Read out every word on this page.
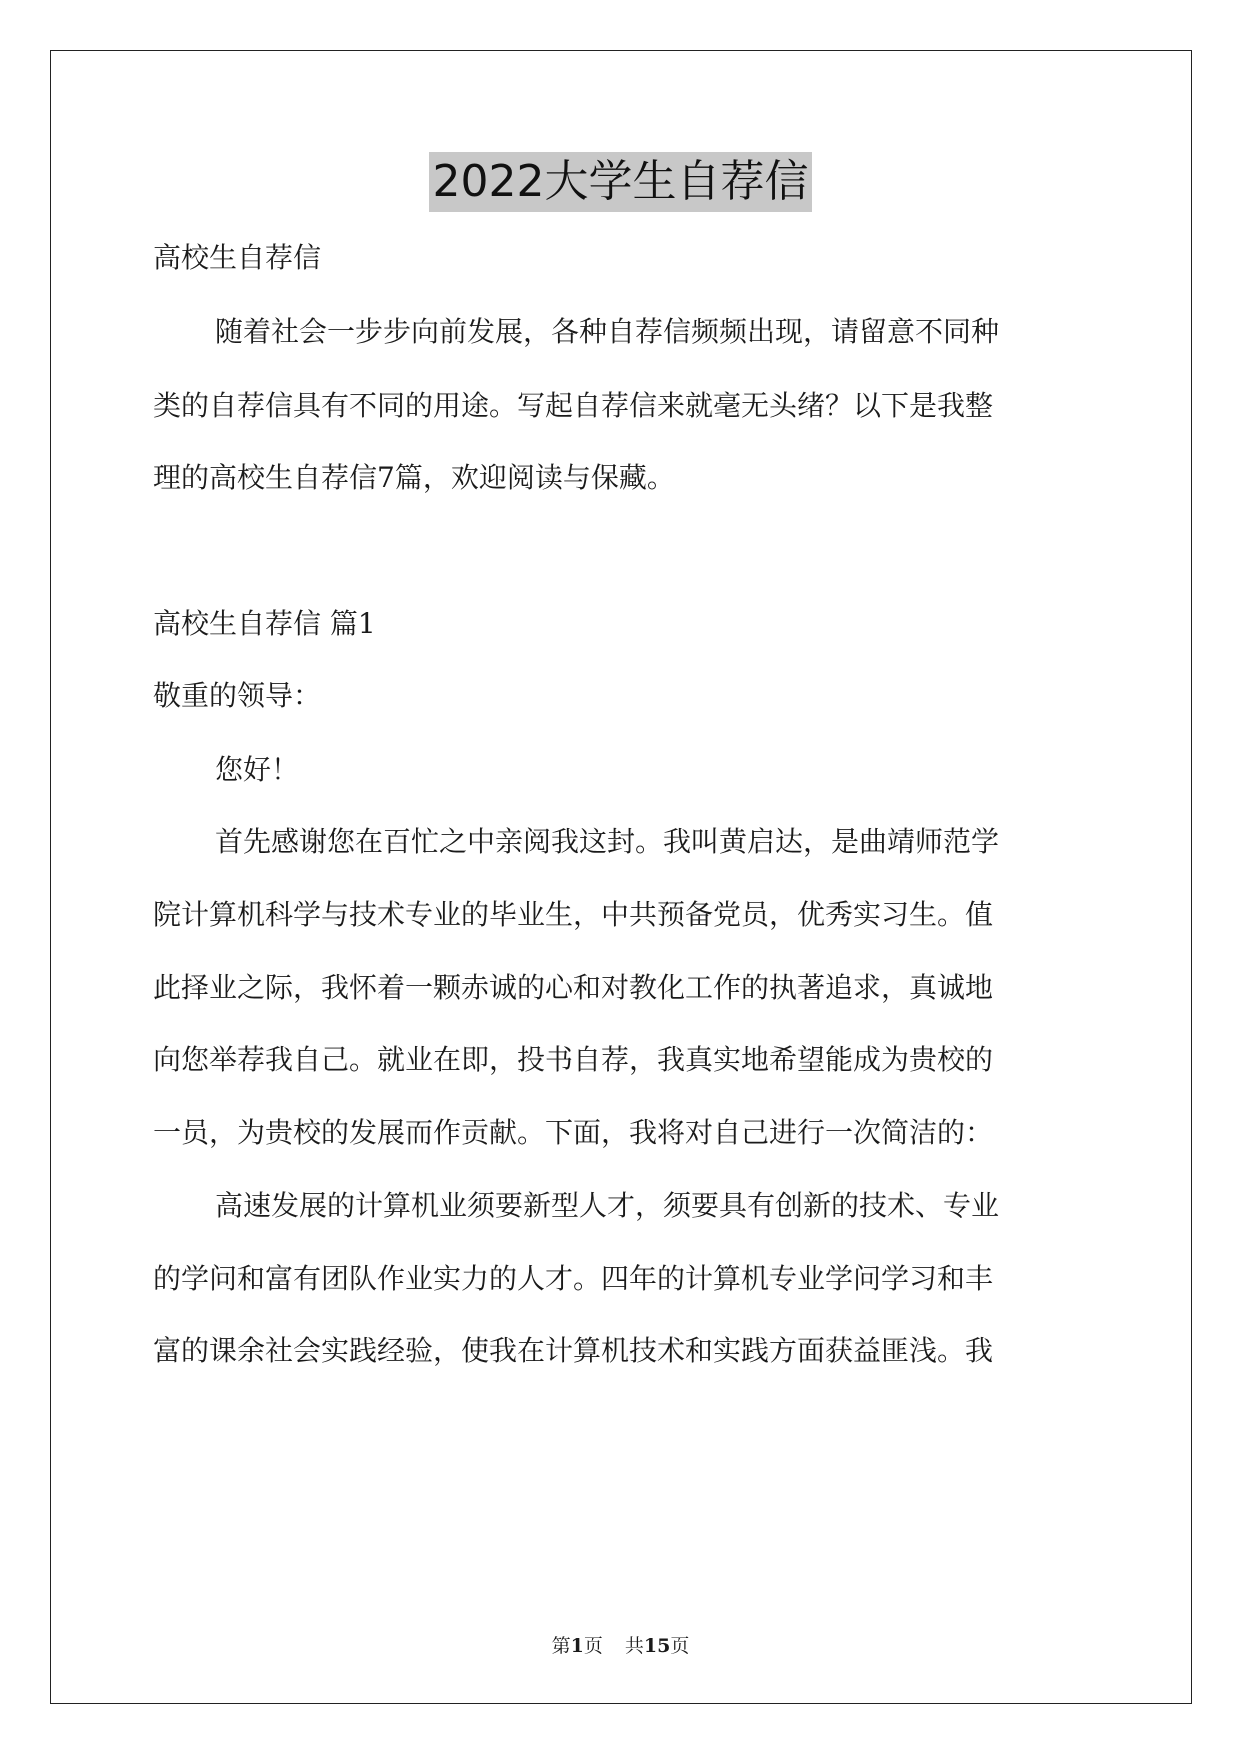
2022大学生自荐信

高校生自荐信

随着社会一步步向前发展，各种自荐信频频出现，请留意不同种

类的自荐信具有不同的用途。写起自荐信来就毫无头绪？以下是我整

理的高校生自荐信7篇，欢迎阅读与保藏。

高校生自荐信 篇1

敬重的领导：

您好！

首先感谢您在百忙之中亲阅我这封。我叫黄启达，是曲靖师范学

院计算机科学与技术专业的毕业生，中共预备党员，优秀实习生。值

此择业之际，我怀着一颗赤诚的心和对教化工作的执著追求，真诚地

向您举荐我自己。就业在即，投书自荐，我真实地希望能成为贵校的

一员，为贵校的发展而作贡献。下面，我将对自己进行一次简洁的：

高速发展的计算机业须要新型人才，须要具有创新的技术、专业

的学问和富有团队作业实力的人才。四年的计算机专业学问学习和丰

富的课余社会实践经验，使我在计算机技术和实践方面获益匪浅。我

第1页 共15页
